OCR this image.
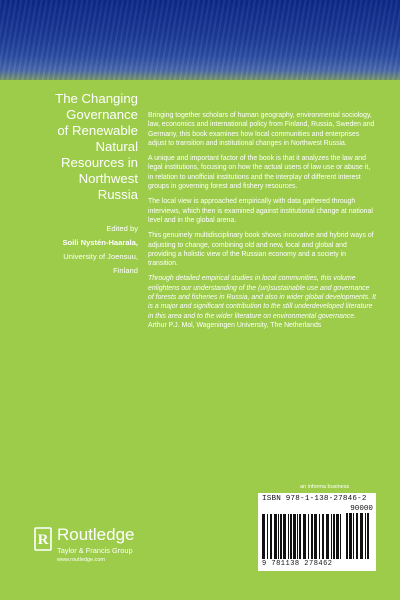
The Changing
Governance
of Renewable
Natural
Resources in
Northwest
Russia
Edited by
Soili Nystén-Haarala,
University of Joensuu,
Finland

Bringing together scholars of human geography, environmental sociology, law, economics and international policy from Finland, Russia, Sweden and Germany, this book examines how local communities and enterprises adjust to transition and institutional changes in Northwest Russia.

A unique and important factor of the book is that it analyzes the law and legal institutions, focusing on how the actual users of law use or abuse it, in relation to unofficial institutions and the interplay of different interest groups in governing forest and fishery resources.

The local view is approached empirically with data gathered through interviews, which then is examined against institutional change at national level and in the global arena.

This genuinely multidisciplinary book shows innovative and hybrid ways of adjusting to change, combining old and new, local and global and providing a holistic view of the Russian economy and a society in transition.

Through detailed empirical studies in local communities, this volume enlightens our understanding of the (un)sustainable use and governance of forests and fisheries in Russia, and also in wider global developments. It is a major and significant contribution to the still underdeveloped literature in this area and to the wider literature on environmental governance.

Arthur P.J. Mol, Wageningen University, The Netherlands

an informa business
ISBN 978-1-138-27846-2
90000
9 781138 278462
R Routledge
Taylor & Francis Group
www.routledge.com
